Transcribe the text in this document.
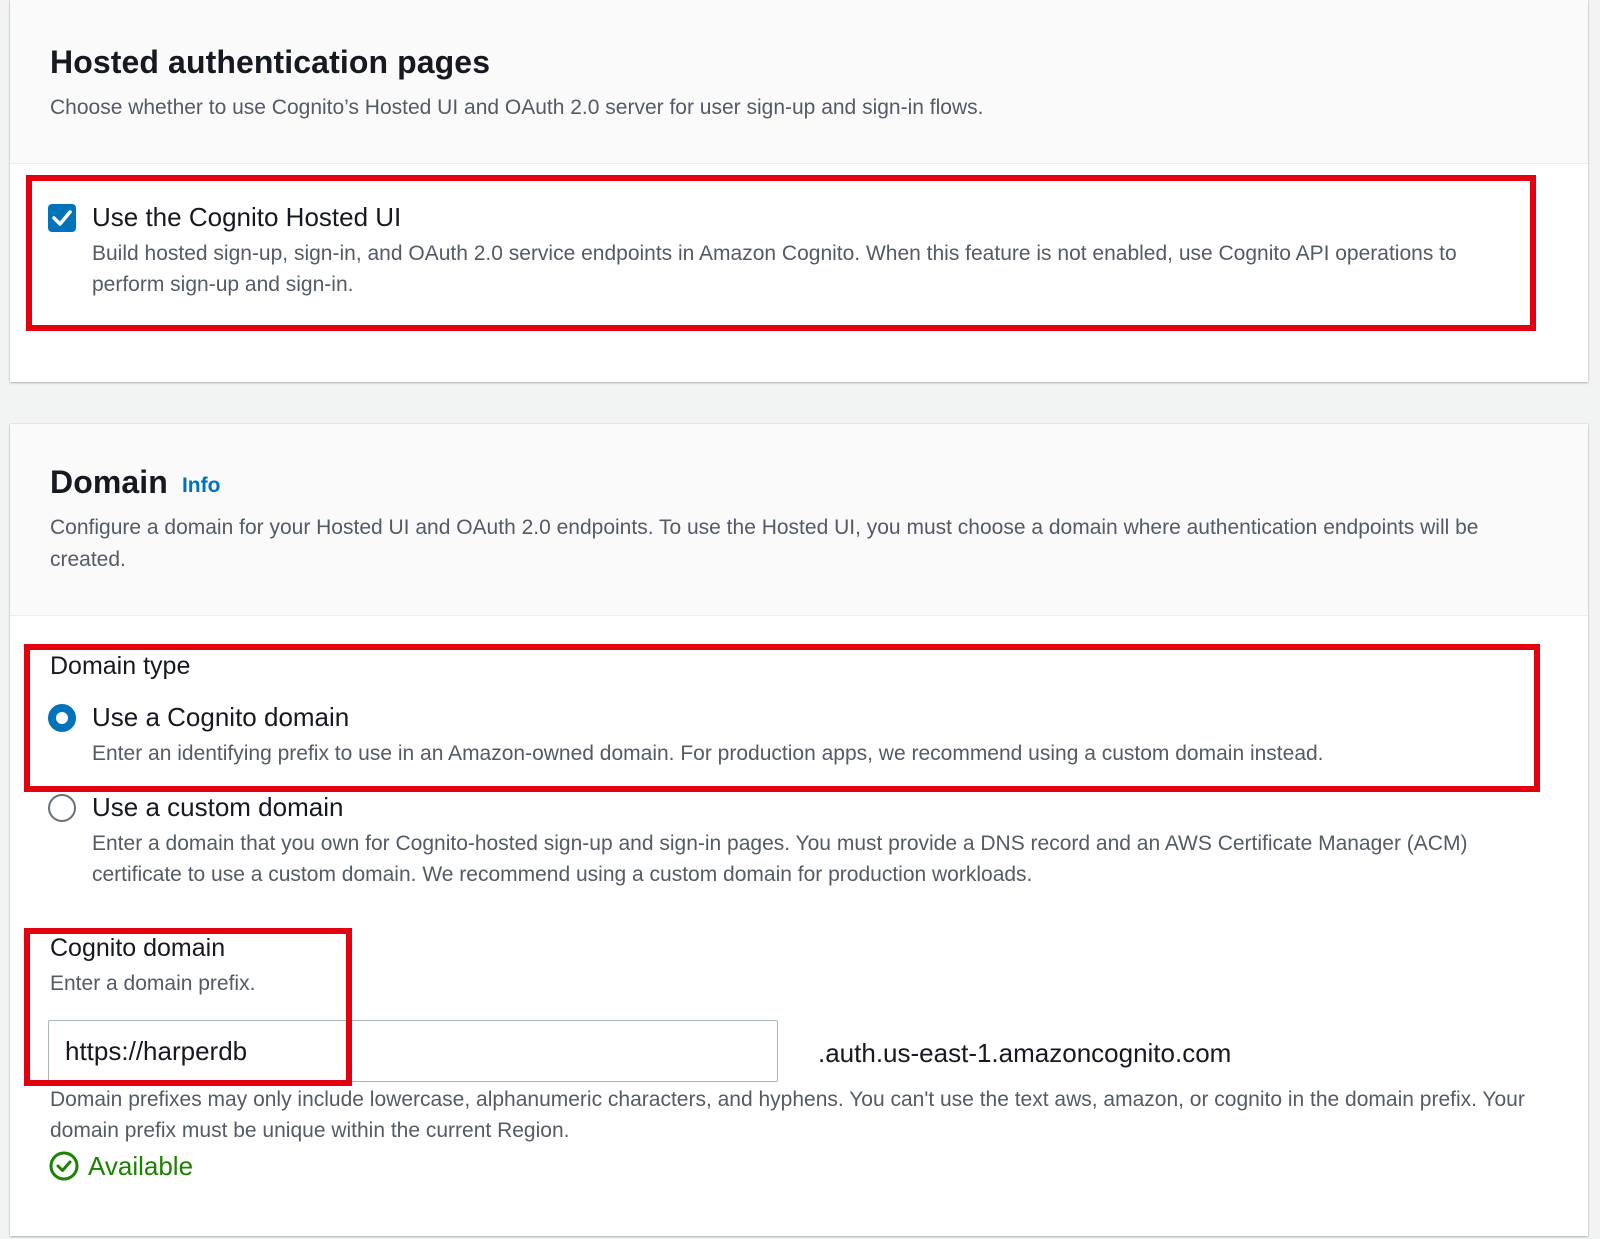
Hosted authentication pages
Choose whether to use Cognito’s Hosted UI and OAuth 2.0 server for user sign-up and sign-in flows.
Use the Cognito Hosted UI
Build hosted sign-up, sign-in, and OAuth 2.0 service endpoints in Amazon Cognito. When this feature is not enabled, use Cognito API operations to perform sign-up and sign-in.
Domain Info
Configure a domain for your Hosted UI and OAuth 2.0 endpoints. To use the Hosted UI, you must choose a domain where authentication endpoints will be created.
Domain type
Use a Cognito domain
Enter an identifying prefix to use in an Amazon-owned domain. For production apps, we recommend using a custom domain instead.
Use a custom domain
Enter a domain that you own for Cognito-hosted sign-up and sign-in pages. You must provide a DNS record and an AWS Certificate Manager (ACM) certificate to use a custom domain. We recommend using a custom domain for production workloads.
Cognito domain
Enter a domain prefix.
https://harperdb
.auth.us-east-1.amazoncognito.com
Domain prefixes may only include lowercase, alphanumeric characters, and hyphens. You can't use the text aws, amazon, or cognito in the domain prefix. Your domain prefix must be unique within the current Region.
Available
